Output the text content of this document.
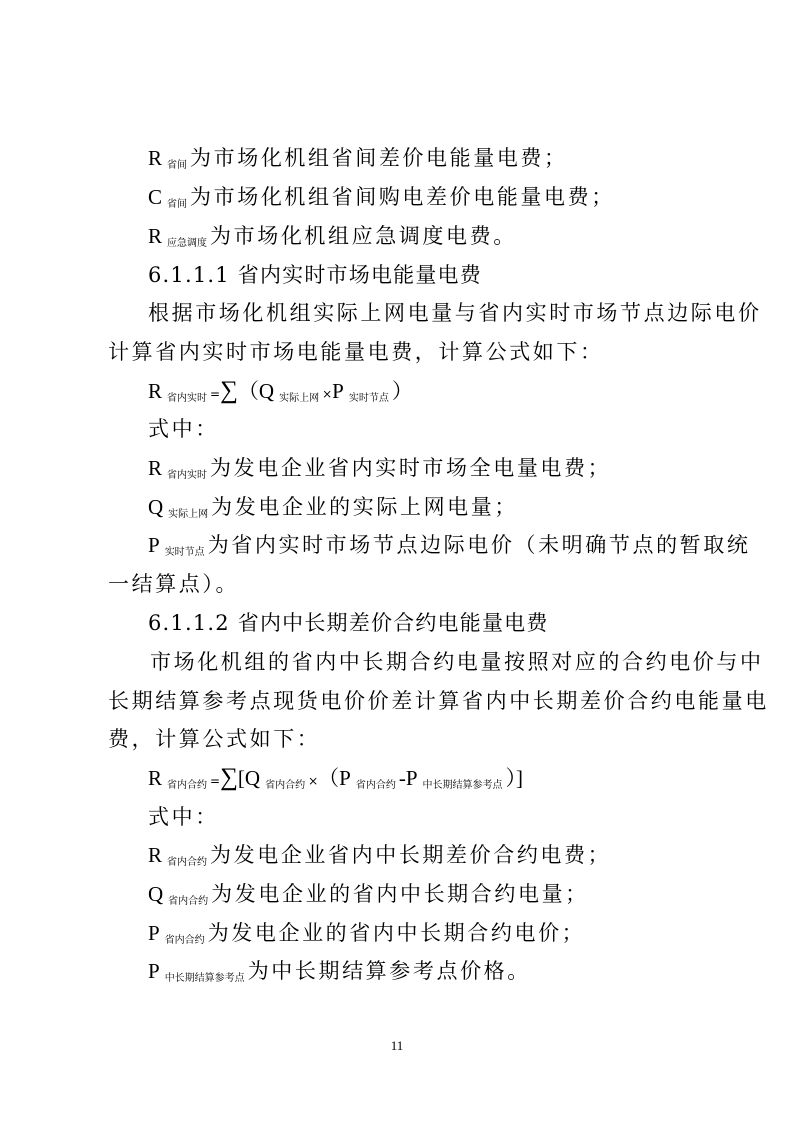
R省间 为市场化机组省间差价电能量电费；
C省间 为市场化机组省间购电差价电能量电费；
R应急调度 为市场化机组应急调度电费。
6.1.1.1 省内实时市场电能量电费
根据市场化机组实际上网电量与省内实时市场节点边际电价
计算省内实时市场电能量电费，计算公式如下：
R省内实时 =∑（Q 实际上网 ×P 实时节点 ）
式中：
R省内实时 为发电企业省内实时市场全电量电费；
Q实际上网 为发电企业的实际上网电量；
P实时节点 为省内实时市场节点边际电价（未明确节点的暂取统
一结算点）。
6.1.1.2 省内中长期差价合约电能量电费
市场化机组的省内中长期合约电量按照对应的合约电价与中
长期结算参考点现货电价价差计算省内中长期差价合约电能量电
费，计算公式如下：
R省内合约 =∑[Q 省内合约 ×（P 省内合约 -P 中长期结算参考点 ）]
式中：
R省内合约 为发电企业省内中长期差价合约电费；
Q省内合约 为发电企业的省内中长期合约电量；
P省内合约 为发电企业的省内中长期合约电价；
P中长期结算参考点 为中长期结算参考点价格。
11
